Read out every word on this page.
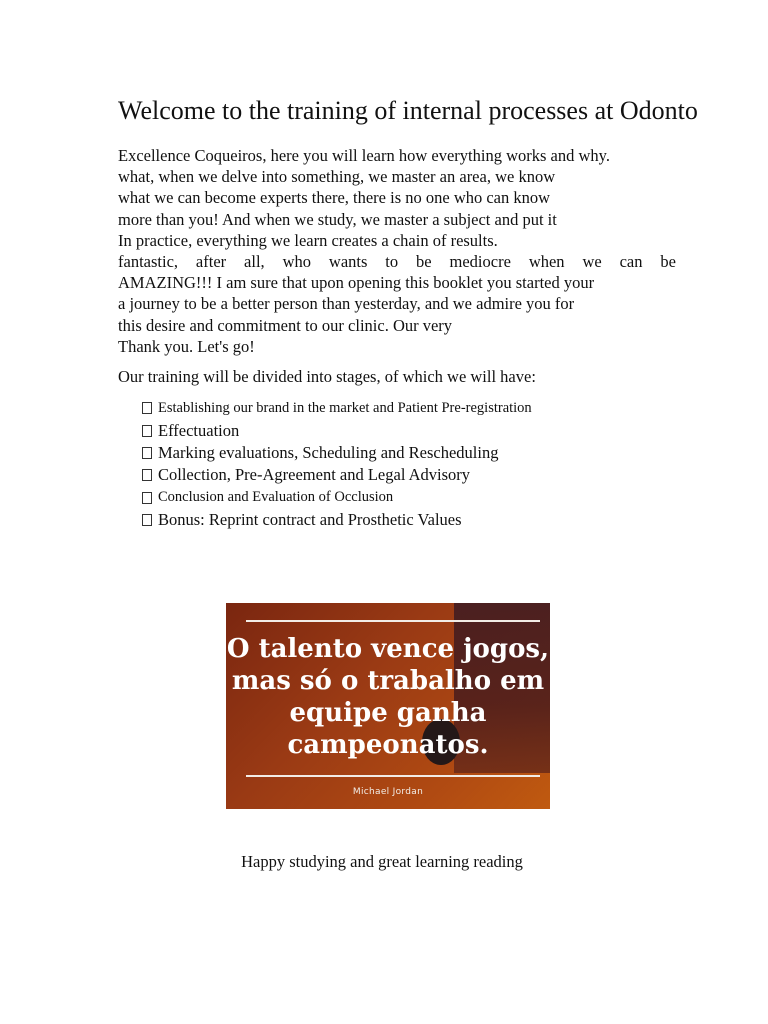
Welcome to the training of internal processes at Odonto
Excellence Coqueiros, here you will learn how everything works and why.
what, when we delve into something, we master an area, we know
what we can become experts there, there is no one who can know
more than you! And when we study, we master a subject and put it
In practice, everything we learn creates a chain of results.
fantastic, after all, who wants to be mediocre when we can be
AMAZING!!! I am sure that upon opening this booklet you started your
a journey to be a better person than yesterday, and we admire you for
this desire and commitment to our clinic. Our very
Thank you. Let's go!
Our training will be divided into stages, of which we will have:
Establishing our brand in the market and Patient Pre-registration
Effectuation
Marking evaluations, Scheduling and Rescheduling
Collection, Pre-Agreement and Legal Advisory
Conclusion and Evaluation of Occlusion
Bonus: Reprint contract and Prosthetic Values
O talento vence jogos,
mas só o trabalho em
equipe ganha
campeonatos.
Michael Jordan
Happy studying and great learning reading
